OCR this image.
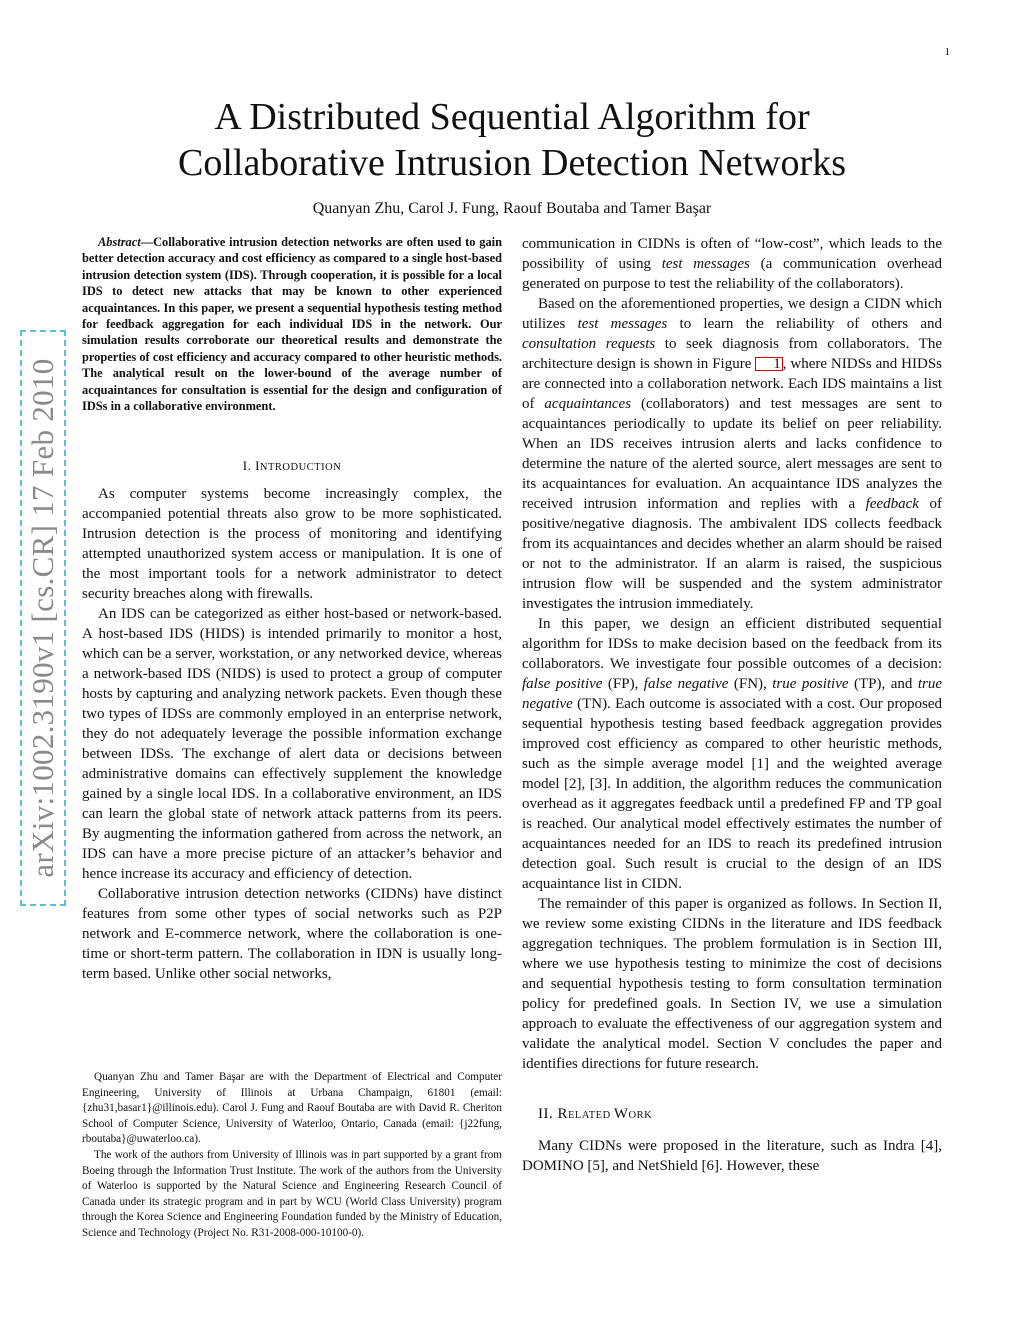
1
arXiv:1002.3190v1 [cs.CR] 17 Feb 2010
A Distributed Sequential Algorithm for
Collaborative Intrusion Detection Networks
Quanyan Zhu, Carol J. Fung, Raouf Boutaba and Tamer Başar

Abstract—Collaborative intrusion detection networks are often used to gain better detection accuracy and cost efficiency as compared to a single host-based intrusion detection system (IDS). Through cooperation, it is possible for a local IDS to detect new attacks that may be known to other experienced acquaintances. In this paper, we present a sequential hypothesis testing method for feedback aggregation for each individual IDS in the network. Our simulation results corroborate our theoretical results and demonstrate the properties of cost efficiency and accuracy compared to other heuristic methods. The analytical result on the lower-bound of the average number of acquaintances for consultation is essential for the design and configuration of IDSs in a collaborative environment.

I. INTRODUCTION

As computer systems become increasingly complex, the accompanied potential threats also grow to be more sophisticated. Intrusion detection is the process of monitoring and identifying attempted unauthorized system access or manipulation. It is one of the most important tools for a network administrator to detect security breaches along with firewalls.

An IDS can be categorized as either host-based or network-based. A host-based IDS (HIDS) is intended primarily to monitor a host, which can be a server, workstation, or any networked device, whereas a network-based IDS (NIDS) is used to protect a group of computer hosts by capturing and analyzing network packets. Even though these two types of IDSs are commonly employed in an enterprise network, they do not adequately leverage the possible information exchange between IDSs. The exchange of alert data or decisions between administrative domains can effectively supplement the knowledge gained by a single local IDS. In a collaborative environment, an IDS can learn the global state of network attack patterns from its peers. By augmenting the information gathered from across the network, an IDS can have a more precise picture of an attacker’s behavior and hence increase its accuracy and efficiency of detection.

Collaborative intrusion detection networks (CIDNs) have distinct features from some other types of social networks such as P2P network and E-commerce network, where the collaboration is one-time or short-term pattern. The collaboration in IDN is usually long-term based. Unlike other social networks,

Quanyan Zhu and Tamer Başar are with the Department of Electrical and Computer Engineering, University of Illinois at Urbana Champaign, 61801 (email:{zhu31,basar1}@illinois.edu). Carol J. Fung and Raouf Boutaba are with David R. Cheriton School of Computer Science, University of Waterloo, Ontario, Canada (email: {j22fung, rboutaba}@uwaterloo.ca).

The work of the authors from University of Illinois was in part supported by a grant from Boeing through the Information Trust Institute. The work of the authors from the University of Waterloo is supported by the Natural Science and Engineering Research Council of Canada under its strategic program and in part by WCU (World Class University) program through the Korea Science and Engineering Foundation funded by the Ministry of Education, Science and Technology (Project No. R31-2008-000-10100-0).

communication in CIDNs is often of “low-cost”, which leads to the possibility of using test messages (a communication overhead generated on purpose to test the reliability of the collaborators).

Based on the aforementioned properties, we design a CIDN which utilizes test messages to learn the reliability of others and consultation requests to seek diagnosis from collaborators. The architecture design is shown in Figure 1 , where NIDSs and HIDSs are connected into a collaboration network. Each IDS maintains a list of acquaintances (collaborators) and test messages are sent to acquaintances periodically to update its belief on peer reliability. When an IDS receives intrusion alerts and lacks confidence to determine the nature of the alerted source, alert messages are sent to its acquaintances for evaluation. An acquaintance IDS analyzes the received intrusion information and replies with a feedback of positive/negative diagnosis. The ambivalent IDS collects feedback from its acquaintances and decides whether an alarm should be raised or not to the administrator. If an alarm is raised, the suspicious intrusion flow will be suspended and the system administrator investigates the intrusion immediately.

In this paper, we design an efficient distributed sequential algorithm for IDSs to make decision based on the feedback from its collaborators. We investigate four possible outcomes of a decision: false positive (FP), false negative (FN), true positive (TP), and true negative (TN). Each outcome is associated with a cost. Our proposed sequential hypothesis testing based feedback aggregation provides improved cost efficiency as compared to other heuristic methods, such as the simple average model [1] and the weighted average model [2], [3]. In addition, the algorithm reduces the communication overhead as it aggregates feedback until a predefined FP and TP goal is reached. Our analytical model effectively estimates the number of acquaintances needed for an IDS to reach its predefined intrusion detection goal. Such result is crucial to the design of an IDS acquaintance list in CIDN.

The remainder of this paper is organized as follows. In Section II, we review some existing CIDNs in the literature and IDS feedback aggregation techniques. The problem formulation is in Section III, where we use hypothesis testing to minimize the cost of decisions and sequential hypothesis testing to form consultation termination policy for predefined goals. In Section IV, we use a simulation approach to evaluate the effectiveness of our aggregation system and validate the analytical model. Section V concludes the paper and identifies directions for future research.

II. RELATED WORK

Many CIDNs were proposed in the literature, such as Indra [4], DOMINO [5], and NetShield [6]. However, these
